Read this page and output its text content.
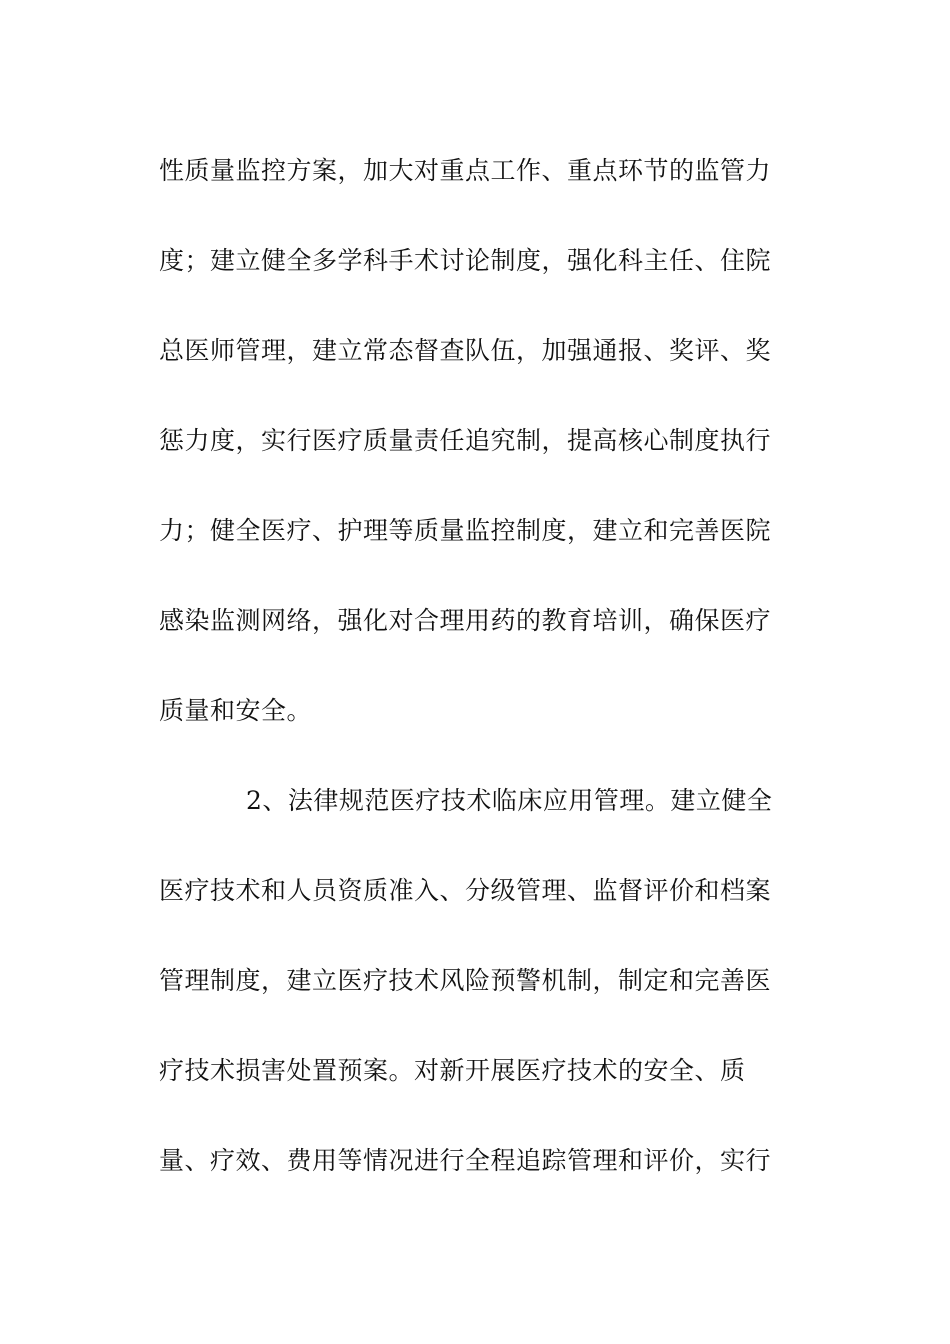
性质量监控方案，加大对重点工作、重点环节的监管力
度；建立健全多学科手术讨论制度，强化科主任、住院
总医师管理，建立常态督查队伍，加强通报、奖评、奖
惩力度，实行医疗质量责任追究制，提高核心制度执行
力；健全医疗、护理等质量监控制度，建立和完善医院
感染监测网络，强化对合理用药的教育培训，确保医疗
质量和安全。
2、法律规范医疗技术临床应用管理。建立健全
医疗技术和人员资质准入、分级管理、监督评价和档案
管理制度，建立医疗技术风险预警机制，制定和完善医
疗技术损害处置预案。对新开展医疗技术的安全、质
量、疗效、费用等情况进行全程追踪管理和评价，实行
